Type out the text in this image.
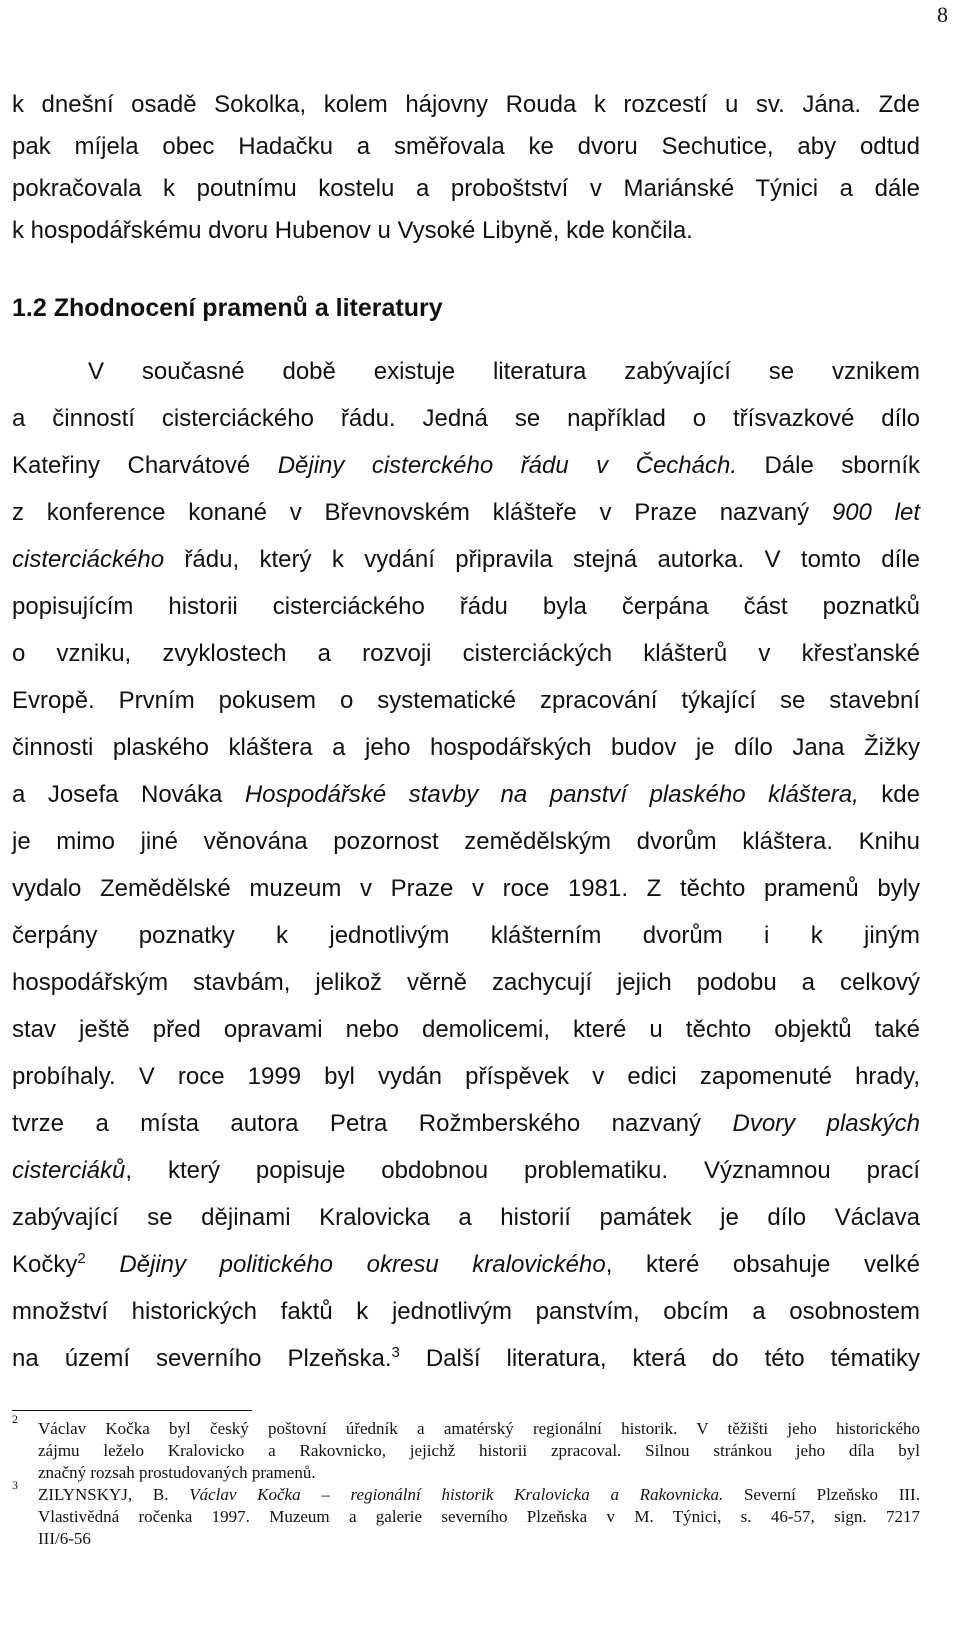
8
k dnešní osadě Sokolka, kolem hájovny Rouda k rozcestí u sv. Jána. Zde
pak míjela obec Hadačku a směřovala ke dvoru Sechutice, aby odtud
pokračovala k poutnímu kostelu a proboštství v Mariánské Týnici a dále
k hospodářskému dvoru Hubenov u Vysoké Libyně, kde končila.
1.2 Zhodnocení pramenů a literatury
V současné době existuje literatura zabývající se vznikem
a činností cisterciáckého řádu. Jedná se například o třísvazkové dílo
Kateřiny Charvátové Dějiny cisterckého řádu v Čechách. Dále sborník
z konference konané v Břevnovském klášteře v Praze nazvaný 900 let
cisterciáckého řádu, který k vydání připravila stejná autorka. V tomto díle
popisujícím historii cisterciáckého řádu byla čerpána část poznatků
o vzniku, zvyklostech a rozvoji cisterciáckých klášterů v křesťanské
Evropě. Prvním pokusem o systematické zpracování týkající se stavební
činnosti plaského kláštera a jeho hospodářských budov je dílo Jana Žižky
a Josefa Nováka Hospodářské stavby na panství plaského kláštera, kde
je mimo jiné věnována pozornost zemědělským dvorům kláštera. Knihu
vydalo Zemědělské muzeum v Praze v roce 1981. Z těchto pramenů byly
čerpány poznatky k jednotlivým klášterním dvorům i k jiným
hospodářským stavbám, jelikož věrně zachycují jejich podobu a celkový
stav ještě před opravami nebo demolicemi, které u těchto objektů také
probíhaly. V roce 1999 byl vydán příspěvek v edici zapomenuté hrady,
tvrze a místa autora Petra Rožmberského nazvaný Dvory plaských
cisterciáků, který popisuje obdobnou problematiku. Významnou prací
zabývající se dějinami Kralovicka a historií památek je dílo Václava
Kočky$^2$ Dějiny politického okresu kralovického, které obsahuje velké
množství historických faktů k jednotlivým panstvím, obcím a osobnostem
na území severního Plzeňska.$^3$ Další literatura, která do této tématiky
2 Václav Kočka byl český poštovní úředník a amatérský regionální historik. V těžišti jeho historického
zájmu leželo Kralovicko a Rakovnicko, jejichž historii zpracoval. Silnou stránkou jeho díla byl
značný rozsah prostudovaných pramenů.
3 ZILYNSKYJ, B. Václav Kočka – regionální historik Kralovicka a Rakovnicka. Severní Plzeňsko III.
Vlastivědná ročenka 1997. Muzeum a galerie severního Plzeňska v M. Týnici, s. 46-57, sign. 7217
III/6-56
